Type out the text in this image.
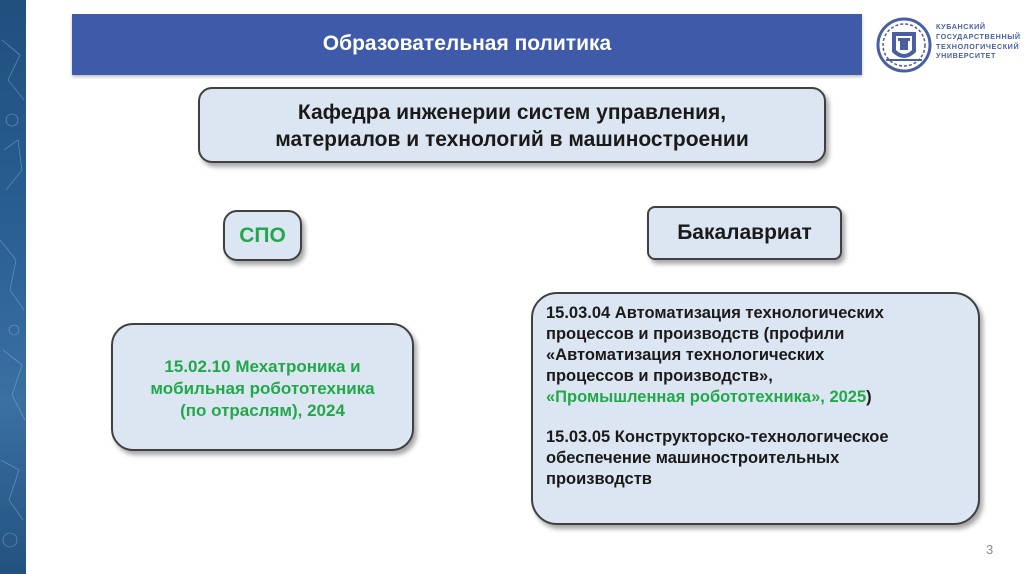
Образовательная политика
КУБАНСКИЙ
ГОСУДАРСТВЕННЫЙ
ТЕХНОЛОГИЧЕСКИЙ
УНИВЕРСИТЕТ
Кафедра инженерии систем управления,
материалов и технологий в машиностроении
СПО	Бакалавриат
15.02.10 Мехатроника и
мобильная робототехника
(по отраслям), 2024

15.03.04 Автоматизация технологических

процессов и производств (профили

«Автоматизация технологических

процессов и производств»,

«Промышленная робототехника», 2025)

15.03.05 Конструкторско-технологическое

обеспечение машиностроительных

производств

3
